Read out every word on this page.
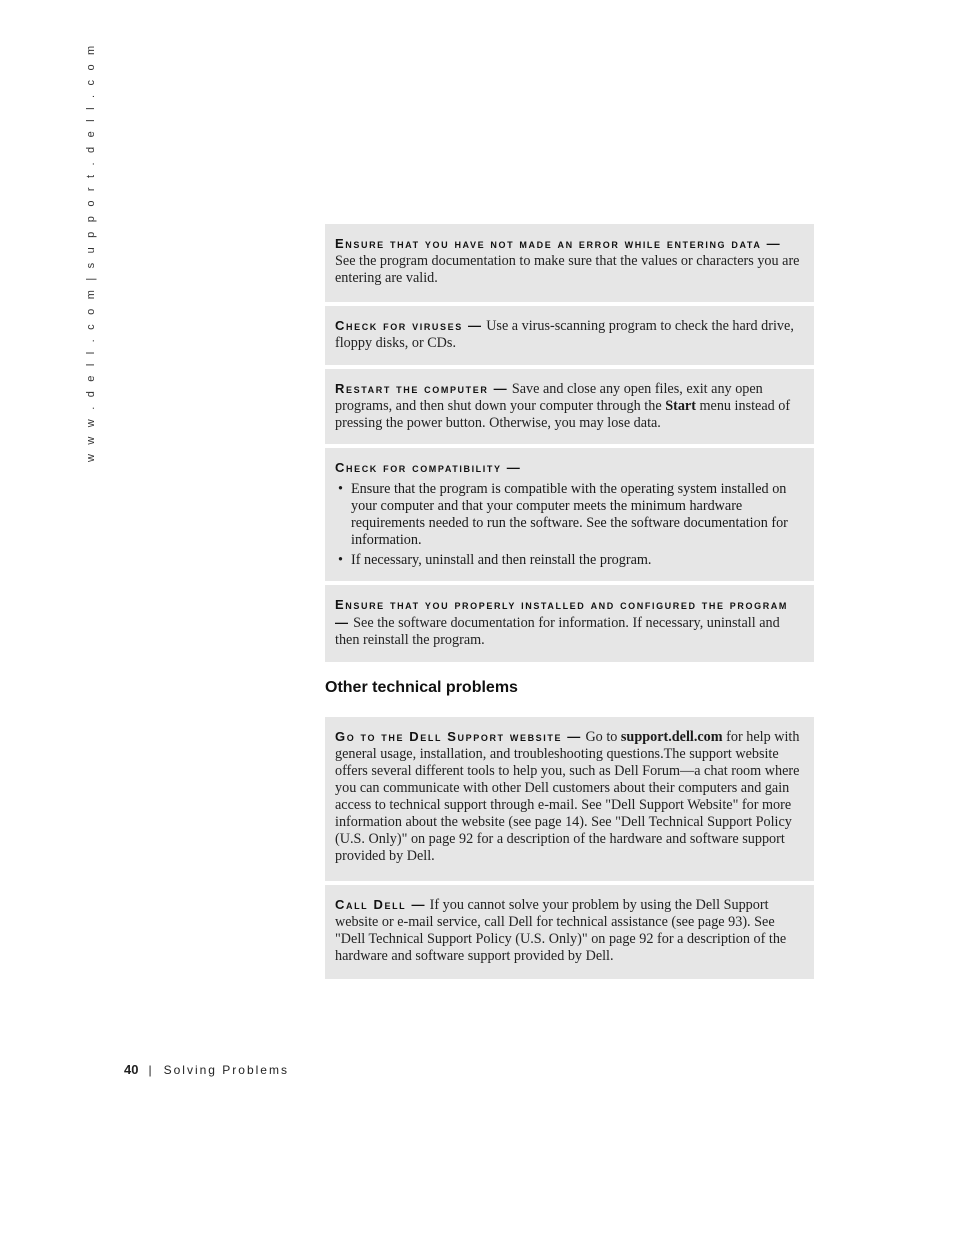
w w w . d e l l . c o m | s u p p o r t . d e l l . c o m	Ensure that you have not made an error while entering data — See the program documentation to make sure that the values or characters you are entering are valid.
Check for viruses — Use a virus-scanning program to check the hard drive, floppy disks, or CDs.
Restart the computer — Save and close any open files, exit any open programs, and then shut down your computer through the Start menu instead of pressing the power button. Otherwise, you may lose data.
Check for compatibility —
• Ensure that the program is compatible with the operating system installed on your computer and that your computer meets the minimum hardware requirements needed to run the software. See the software documentation for information.
• If necessary, uninstall and then reinstall the program.
Ensure that you properly installed and configured the program — See the software documentation for information. If necessary, uninstall and then reinstall the program.
Other technical problems
Go to the Dell Support website — Go to support.dell.com for help with general usage, installation, and troubleshooting questions.The support website offers several different tools to help you, such as Dell Forum—a chat room where you can communicate with other Dell customers about their computers and gain access to technical support through e-mail. See "Dell Support Website" for more information about the website (see page 14). See "Dell Technical Support Policy (U.S. Only)" on page 92 for a description of the hardware and software support provided by Dell.
Call Dell — If you cannot solve your problem by using the Dell Support website or e-mail service, call Dell for technical assistance (see page 93). See "Dell Technical Support Policy (U.S. Only)" on page 92 for a description of the hardware and software support provided by Dell.
40 | Solving Problems
